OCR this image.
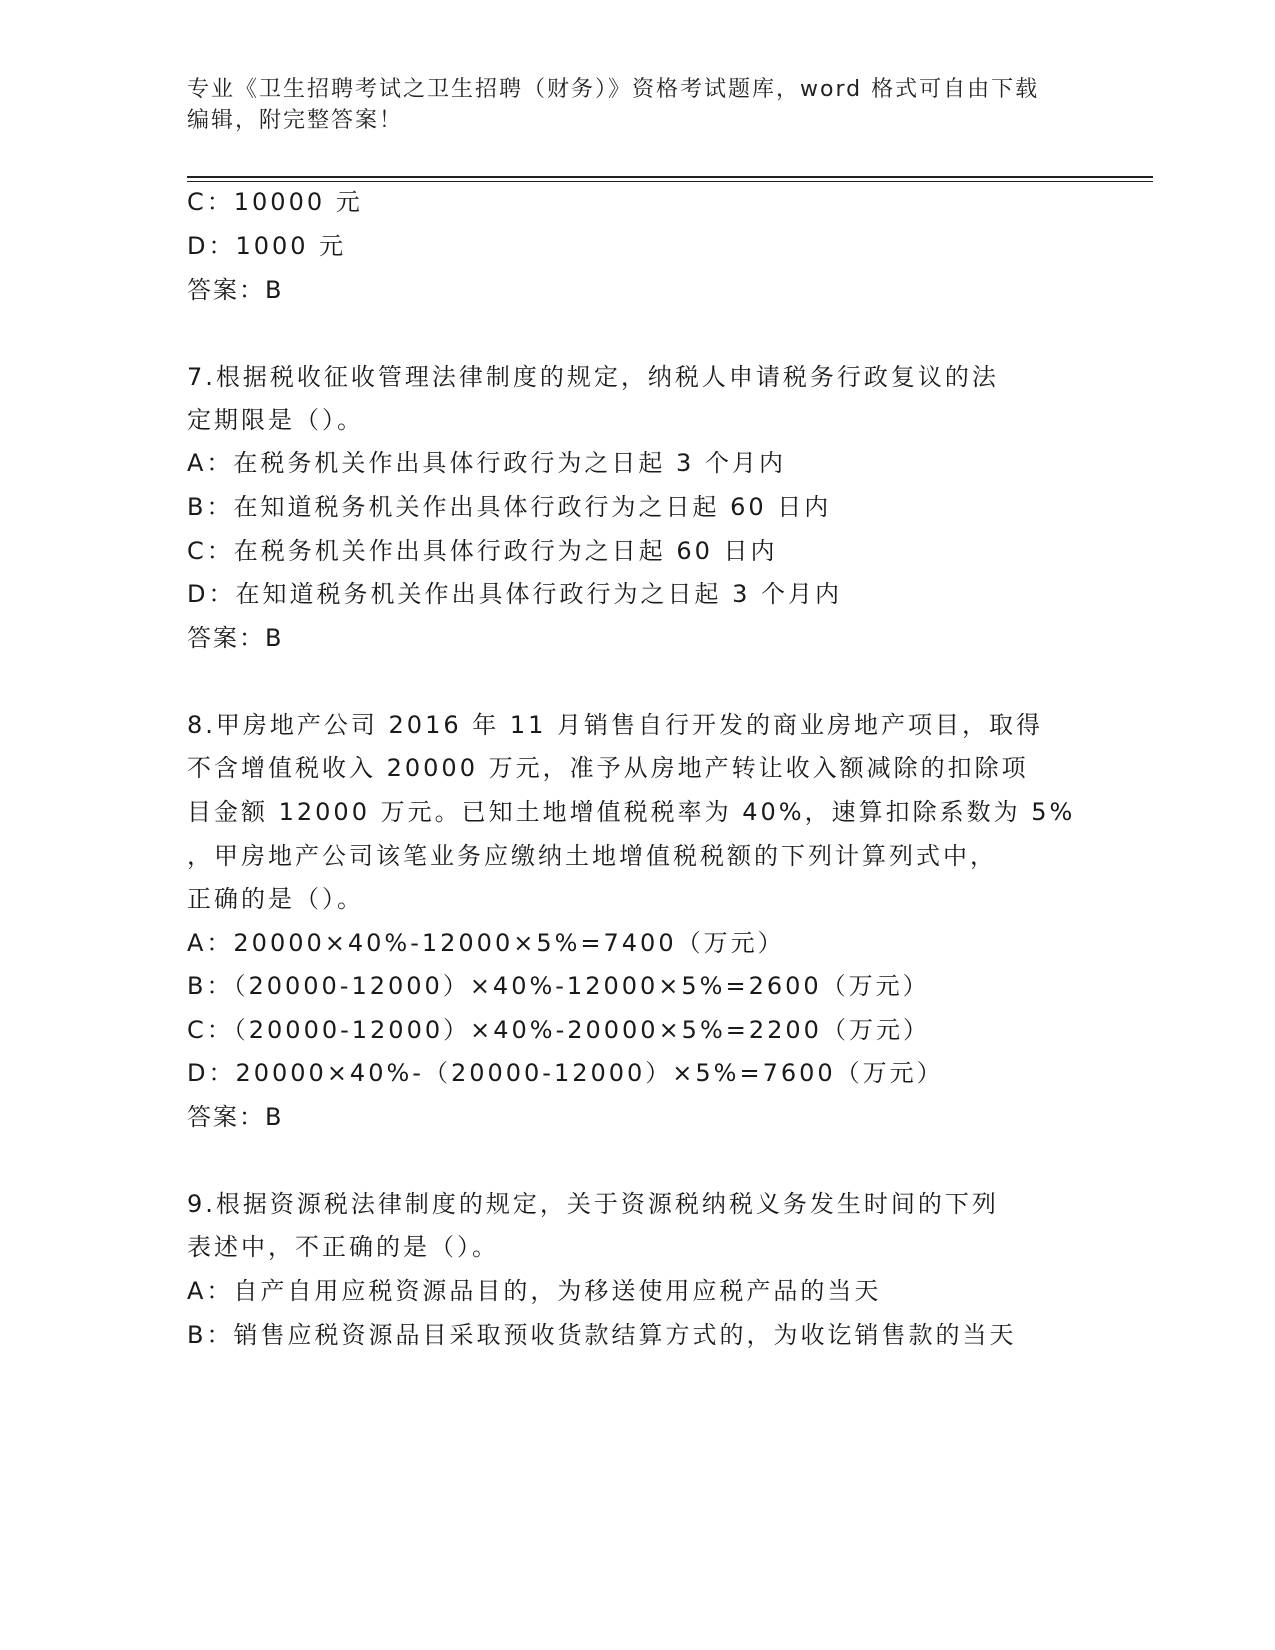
专业《卫生招聘考试之卫生招聘（财务）》资格考试题库，word 格式可自由下载
编辑，附完整答案！
C：10000 元
D：1000 元
答案：B
7.根据税收征收管理法律制度的规定，纳税人申请税务行政复议的法
定期限是（）。
A：在税务机关作出具体行政行为之日起 3 个月内
B：在知道税务机关作出具体行政行为之日起 60 日内
C：在税务机关作出具体行政行为之日起 60 日内
D：在知道税务机关作出具体行政行为之日起 3 个月内
答案：B
8.甲房地产公司 2016 年 11 月销售自行开发的商业房地产项目，取得
不含增值税收入 20000 万元，准予从房地产转让收入额减除的扣除项
目金额 12000 万元。已知土地增值税税率为 40%，速算扣除系数为 5%
，甲房地产公司该笔业务应缴纳土地增值税税额的下列计算列式中，
正确的是（）。
A：20000×40%-12000×5%=7400（万元）
B：（20000-12000）×40%-12000×5%=2600（万元）
C：（20000-12000）×40%-20000×5%=2200（万元）
D：20000×40%-（20000-12000）×5%=7600（万元）
答案：B
9.根据资源税法律制度的规定，关于资源税纳税义务发生时间的下列
表述中，不正确的是（）。
A：自产自用应税资源品目的，为移送使用应税产品的当天
B：销售应税资源品目采取预收货款结算方式的，为收讫销售款的当天
